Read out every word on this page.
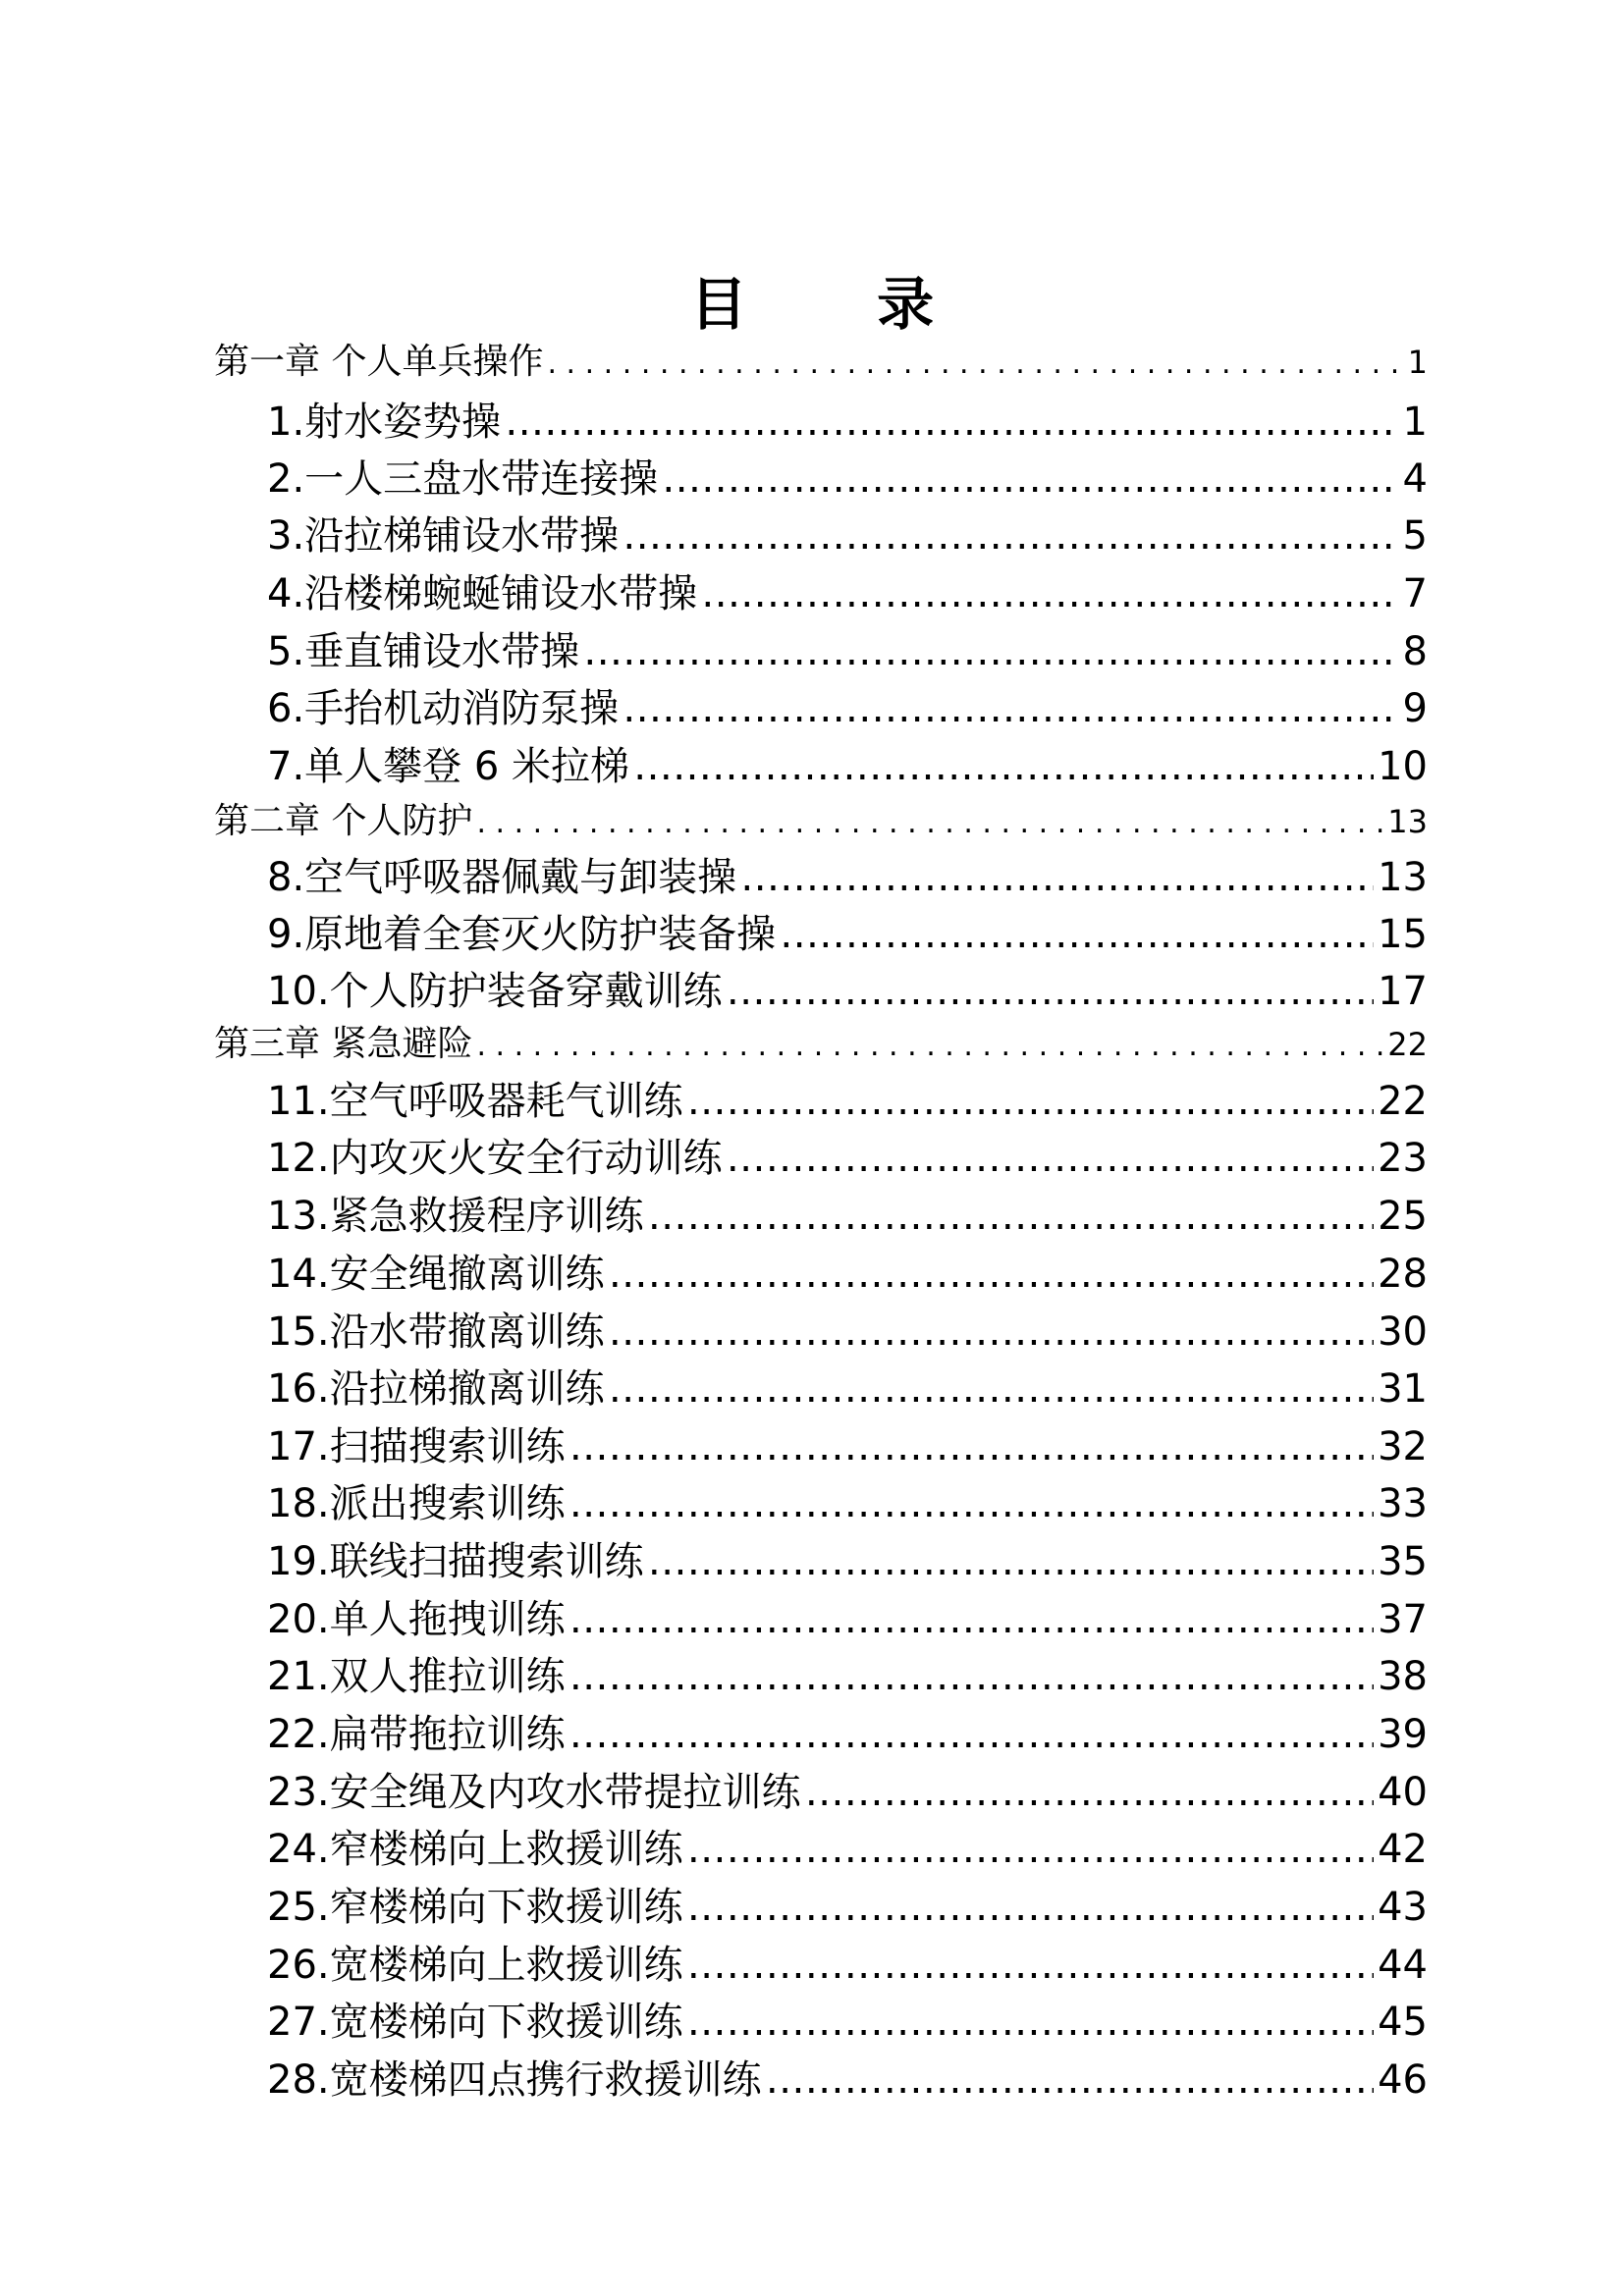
目 录
第一章 个人单兵操作 . . .	1
1.射水姿势操 ……………………………………………………………………………………………………………………………………………………………………………………	1
2.一人三盘水带连接操 ……………………………………………………………………………………………………………………………………………………………………………………	4
3.沿拉梯铺设水带操 ……………………………………………………………………………………………………………………………………………………………………………………	5
4.沿楼梯蜿蜒铺设水带操 ……………………………………………………………………………………………………………………………………………………………………………………	7
5.垂直铺设水带操 ……………………………………………………………………………………………………………………………………………………………………………………	8
6.手抬机动消防泵操 ……………………………………………………………………………………………………………………………………………………………………………………	9
7.单人攀登 6 米拉梯 ……………………………………………………………………………………………………………………………………………………………………………………	10
第二章 个人防护 . . .	13
8.空气呼吸器佩戴与卸装操 ……………………………………………………………………………………………………………………………………………………………………………………	13
9.原地着全套灭火防护装备操 ……………………………………………………………………………………………………………………………………………………………………………………	15
10.个人防护装备穿戴训练 ……………………………………………………………………………………………………………………………………………………………………………………	17
第三章 紧急避险 . . .	22
11.空气呼吸器耗气训练 ……………………………………………………………………………………………………………………………………………………………………………………	22
12.内攻灭火安全行动训练 ……………………………………………………………………………………………………………………………………………………………………………………	23
13.紧急救援程序训练 ……………………………………………………………………………………………………………………………………………………………………………………	25
14.安全绳撤离训练 ……………………………………………………………………………………………………………………………………………………………………………………	28
15.沿水带撤离训练 ……………………………………………………………………………………………………………………………………………………………………………………	30
16.沿拉梯撤离训练 ……………………………………………………………………………………………………………………………………………………………………………………	31
17.扫描搜索训练 ……………………………………………………………………………………………………………………………………………………………………………………	32
18.派出搜索训练 ……………………………………………………………………………………………………………………………………………………………………………………	33
19.联线扫描搜索训练 ……………………………………………………………………………………………………………………………………………………………………………………	35
20.单人拖拽训练 ……………………………………………………………………………………………………………………………………………………………………………………	37
21.双人推拉训练 ……………………………………………………………………………………………………………………………………………………………………………………	38
22.扁带拖拉训练 ……………………………………………………………………………………………………………………………………………………………………………………	39
23.安全绳及内攻水带提拉训练 ……………………………………………………………………………………………………………………………………………………………………………………	40
24.窄楼梯向上救援训练 ……………………………………………………………………………………………………………………………………………………………………………………	42
25.窄楼梯向下救援训练 ……………………………………………………………………………………………………………………………………………………………………………………	43
26.宽楼梯向上救援训练 ……………………………………………………………………………………………………………………………………………………………………………………	44
27.宽楼梯向下救援训练 ……………………………………………………………………………………………………………………………………………………………………………………	45
28.宽楼梯四点携行救援训练 ……………………………………………………………………………………………………………………………………………………………………………………	46
